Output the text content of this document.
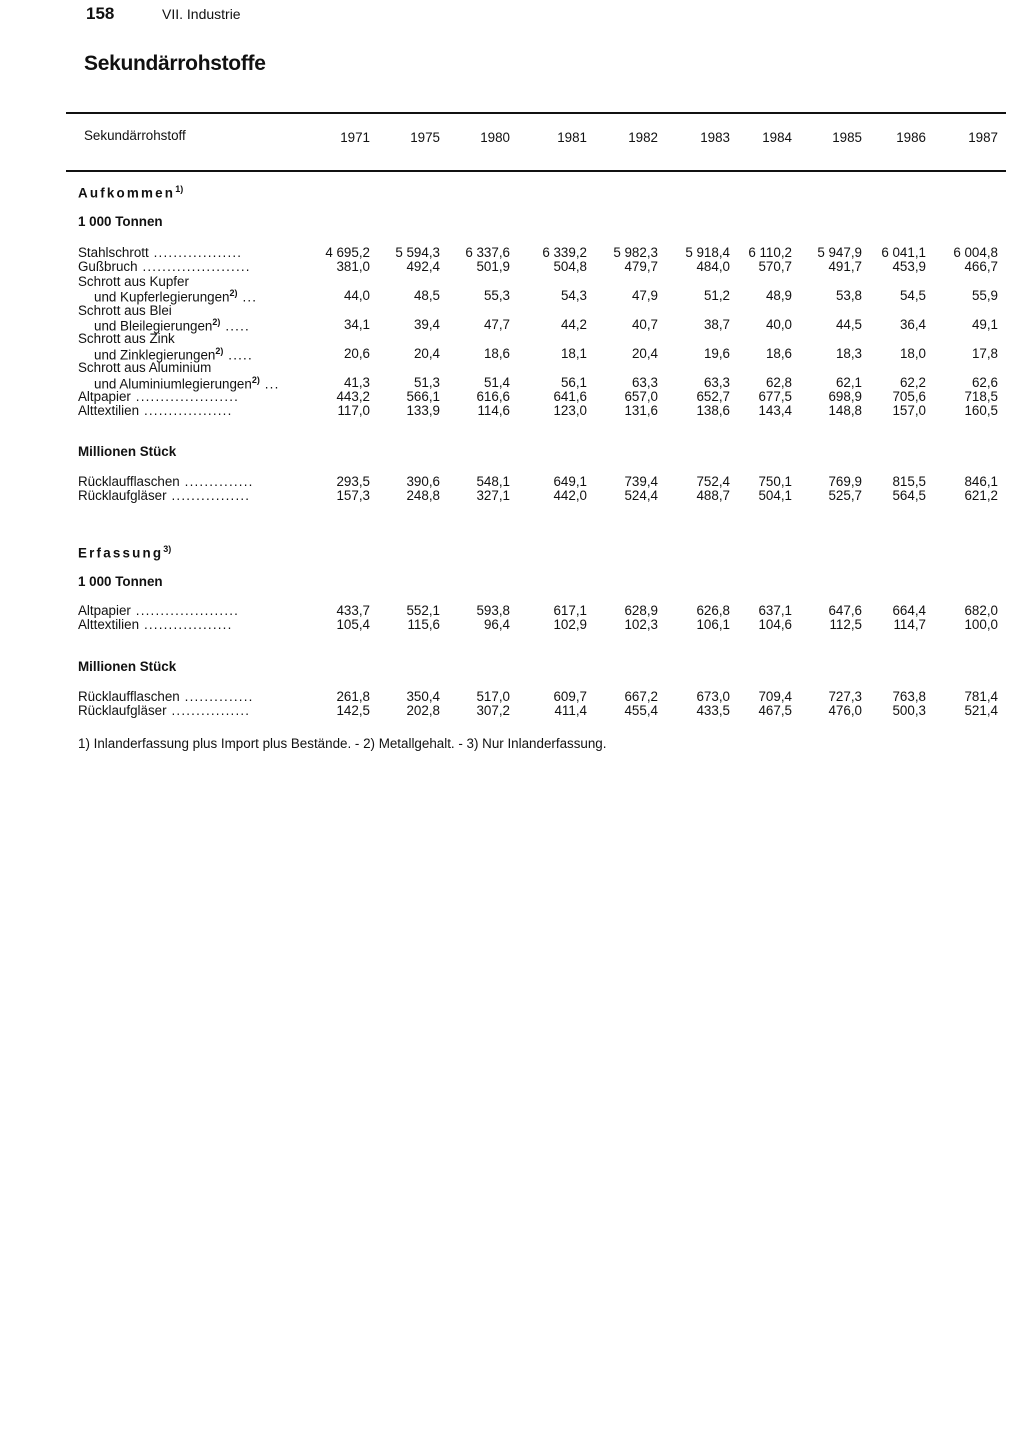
158	VII. Industrie
Sekundärrohstoffe
Sekundärrohstoff	1971	1975	1980	1981	1982	1983	1984	1985	1986	1987
Aufkommen$^{1)}$
1 000 Tonnen
Millionen Stück
Erfassung$^{3)}$
1 000 Tonnen
Millionen Stück
Stahlschrott ..................	4 695,2	5 594,3	6 337,6	6 339,2	5 982,3	5 918,4	6 110,2	5 947,9	6 041,1	6 004,8
Gußbruch ......................	381,0	492,4	501,9	504,8	479,7	484,0	570,7	491,7	453,9	466,7
Schrott aus Kupfer
und Kupferlegierungen$^{2)}$ ...	44,0	48,5	55,3	54,3	47,9	51,2	48,9	53,8	54,5	55,9
Schrott aus Blei
und Bleilegierungen$^{2)}$ .....	34,1	39,4	47,7	44,2	40,7	38,7	40,0	44,5	36,4	49,1
Schrott aus Zink
und Zinklegierungen$^{2)}$ .....	20,6	20,4	18,6	18,1	20,4	19,6	18,6	18,3	18,0	17,8
Schrott aus Aluminium
und Aluminiumlegierungen$^{2)}$ ...	41,3	51,3	51,4	56,1	63,3	63,3	62,8	62,1	62,2	62,6
Altpapier .....................	443,2	566,1	616,6	641,6	657,0	652,7	677,5	698,9	705,6	718,5
Alttextilien ..................	117,0	133,9	114,6	123,0	131,6	138,6	143,4	148,8	157,0	160,5
Rücklaufflaschen ..............	293,5	390,6	548,1	649,1	739,4	752,4	750,1	769,9	815,5	846,1
Rücklaufgläser ................	157,3	248,8	327,1	442,0	524,4	488,7	504,1	525,7	564,5	621,2
Altpapier .....................	433,7	552,1	593,8	617,1	628,9	626,8	637,1	647,6	664,4	682,0
Alttextilien ..................	105,4	115,6	96,4	102,9	102,3	106,1	104,6	112,5	114,7	100,0
Rücklaufflaschen ..............	261,8	350,4	517,0	609,7	667,2	673,0	709,4	727,3	763,8	781,4
Rücklaufgläser ................	142,5	202,8	307,2	411,4	455,4	433,5	467,5	476,0	500,3	521,4
1) Inlanderfassung plus Import plus Bestände. - 2) Metallgehalt. - 3) Nur Inlanderfassung.
